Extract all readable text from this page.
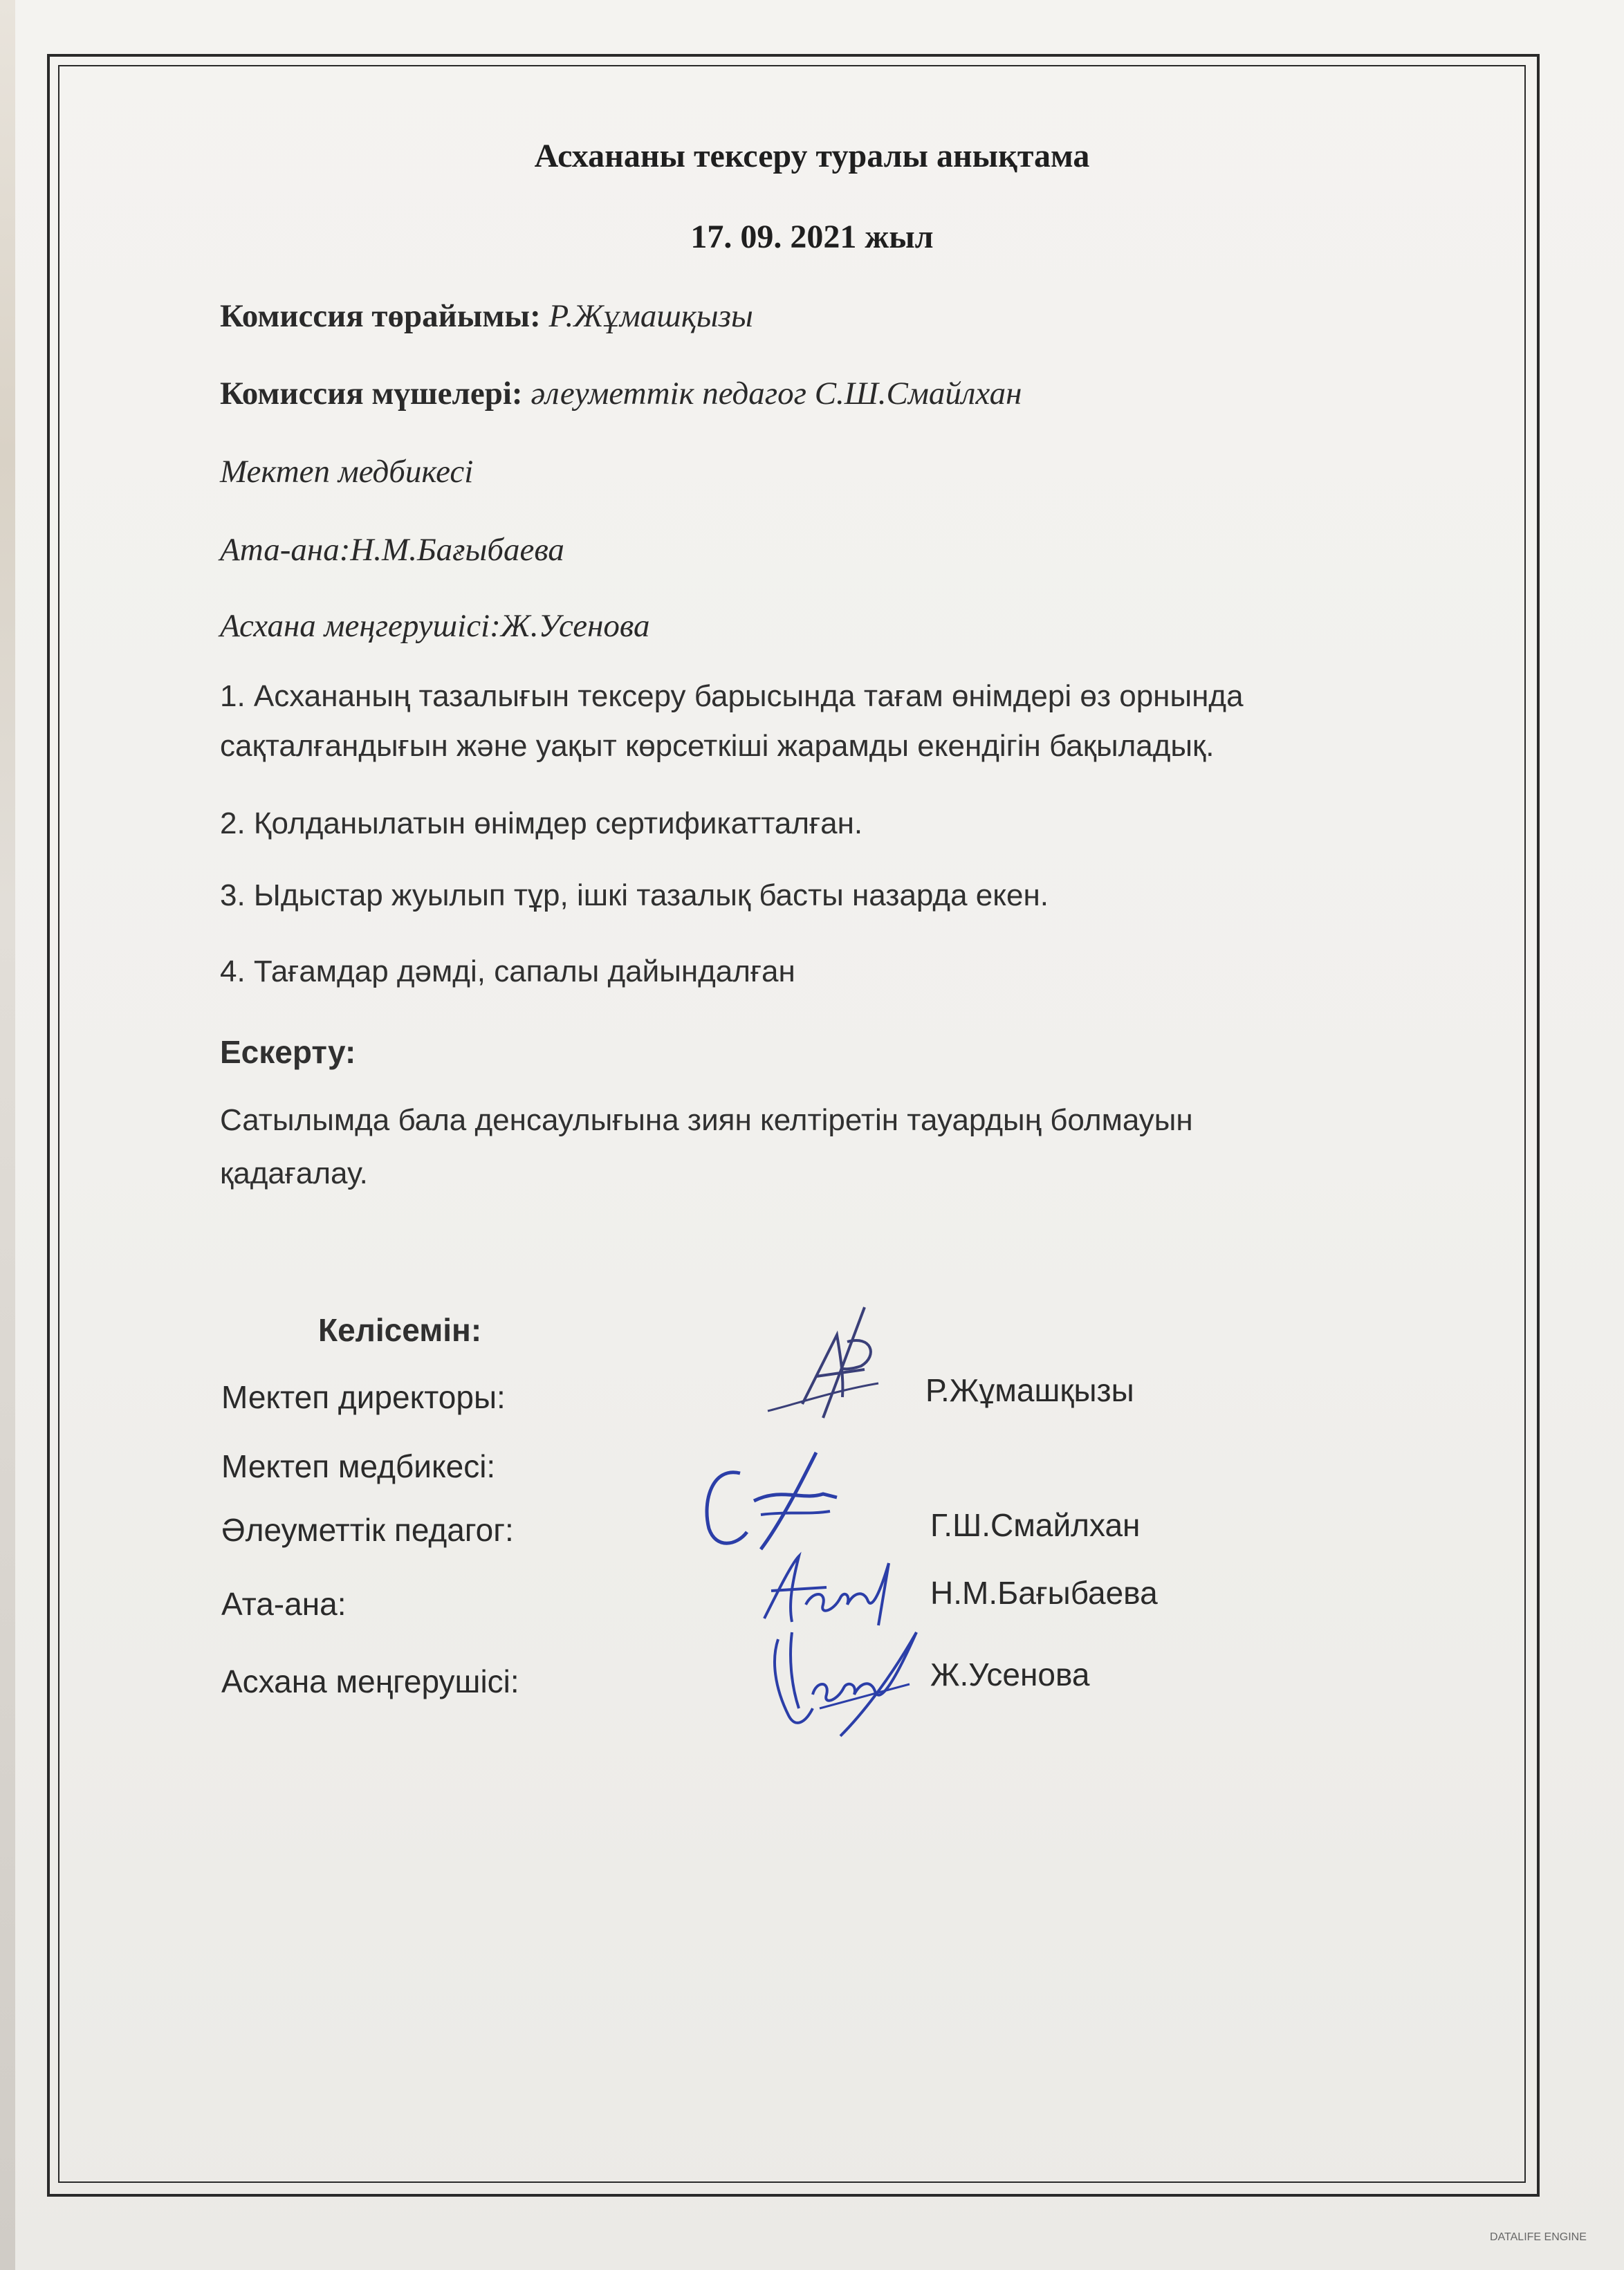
Асхананы тексеру туралы анықтама
17. 09. 2021 жыл
Комиссия төрайымы: Р.Жұмашқызы
Комиссия мүшелері: әлеуметтік педагог С.Ш.Смайлхан
Мектеп медбикесі
Ата-ана:Н.М.Бағыбаева
Асхана меңгерушісі:Ж.Усенова
1. Асхананың тазалығын тексеру барысында тағам өнімдері өз орнында
сақталғандығын және уақыт көрсеткіші жарамды екендігін бақыладық.
2. Қолданылатын өнімдер сертификатталған.
3. Ыдыстар жуылып тұр, ішкі тазалық басты назарда екен.
4. Тағамдар дәмді, сапалы дайындалған
Ескерту:
Сатылымда бала денсаулығына зиян келтіретін тауардың болмауын
қадағалау.
Келісемін:
Мектеп директоры:	Р.Жұмашқызы
Мектеп медбикесі:
Әлеуметтік педагог:	Г.Ш.Смайлхан
Ата-ана:	Н.М.Бағыбаева
Асхана меңгерушісі:	Ж.Усенова
DATALIFE ENGINE
